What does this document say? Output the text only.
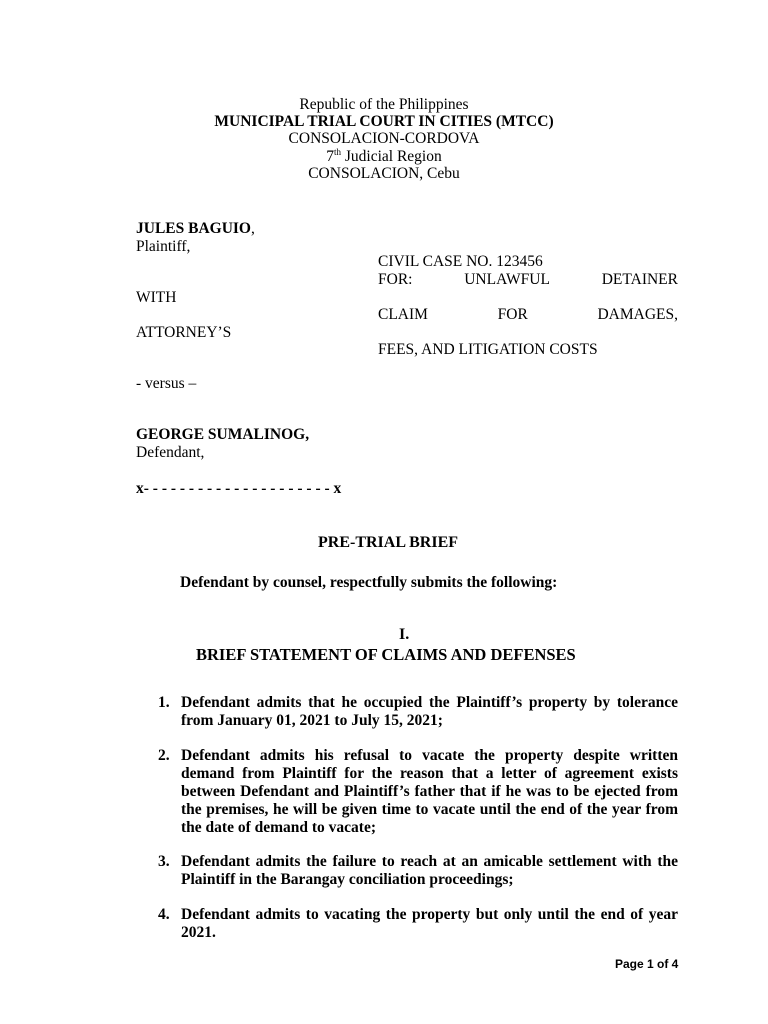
Republic of the Philippines
MUNICIPAL TRIAL COURT IN CITIES (MTCC)
CONSOLACION-CORDOVA
7th Judicial Region
CONSOLACION, Cebu
JULES BAGUIO,
Plaintiff,
CIVIL CASE NO. 123456
FOR:	UNLAWFUL	DETAINER
WITH
CLAIM	FOR	DAMAGES,
ATTORNEY’S
FEES, AND LITIGATION COSTS
- versus –
GEORGE SUMALINOG,
Defendant,
x- - - - - - - - - - - - - - - - - - - - - x
PRE-TRIAL BRIEF
Defendant by counsel, respectfully submits the following:
I.
BRIEF STATEMENT OF CLAIMS AND DEFENSES
1. Defendant admits that he occupied the Plaintiff’s property by tolerance from January 01, 2021 to July 15, 2021;
2. Defendant admits his refusal to vacate the property despite written demand from Plaintiff for the reason that a letter of agreement exists between Defendant and Plaintiff’s father that if he was to be ejected from the premises, he will be given time to vacate until the end of the year from the date of demand to vacate;
3. Defendant admits the failure to reach at an amicable settlement with the Plaintiff in the Barangay conciliation proceedings;
4. Defendant admits to vacating the property but only until the end of year 2021.
Page 1 of 4
